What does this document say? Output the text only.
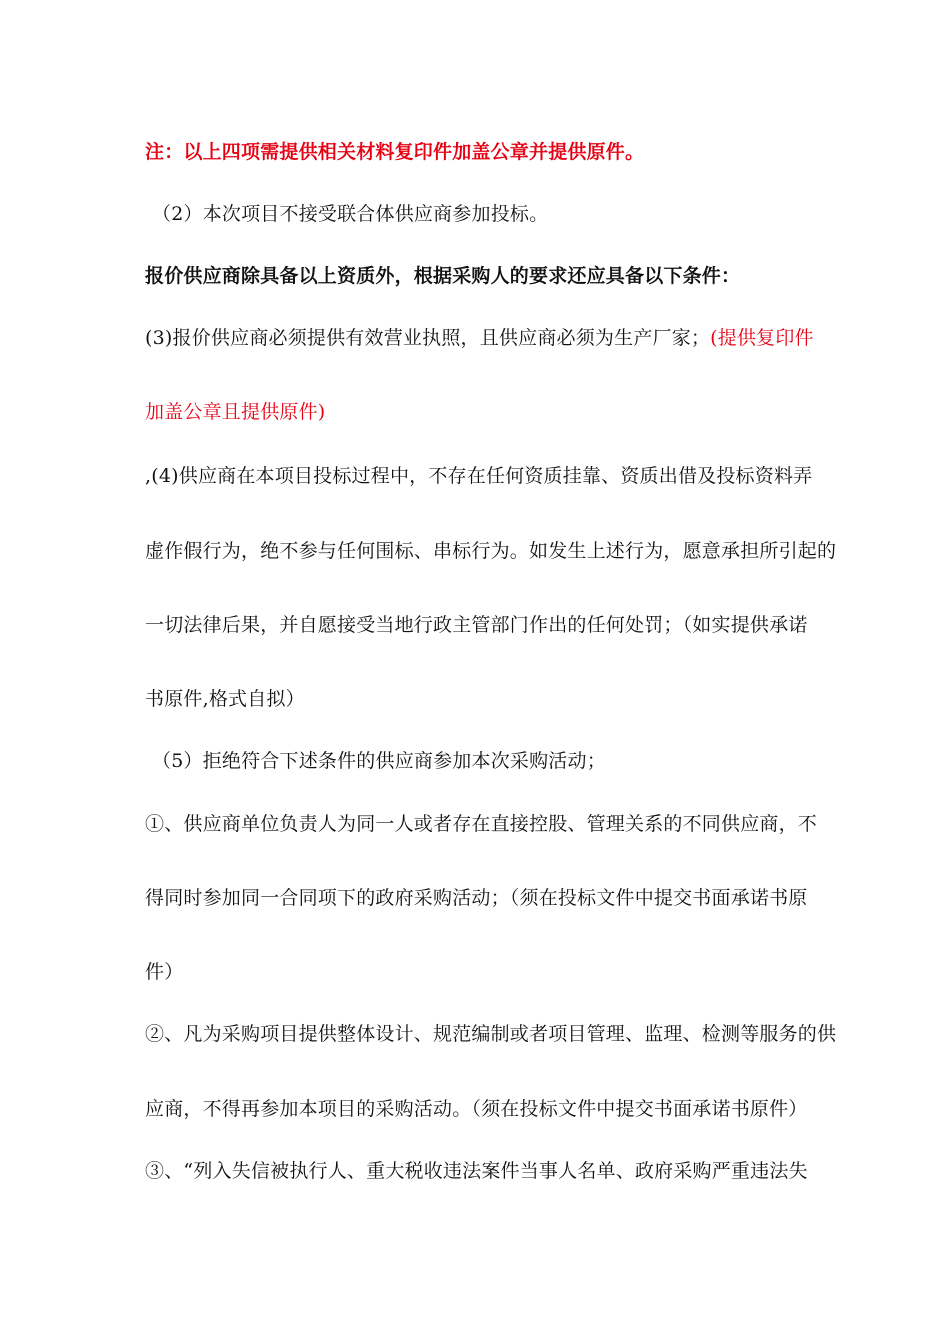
注：以上四项需提供相关材料复印件加盖公章并提供原件。
（2）本次项目不接受联合体供应商参加投标。
报价供应商除具备以上资质外，根据采购人的要求还应具备以下条件：
(3)报价供应商必须提供有效营业执照，且供应商必须为生产厂家；(提供复印件
加盖公章且提供原件)
,(4)供应商在本项目投标过程中，不存在任何资质挂靠、资质出借及投标资料弄
虚作假行为，绝不参与任何围标、串标行为。如发生上述行为，愿意承担所引起的
一切法律后果，并自愿接受当地行政主管部门作出的任何处罚；（如实提供承诺
书原件,格式自拟）
（5）拒绝符合下述条件的供应商参加本次采购活动；
①、供应商单位负责人为同一人或者存在直接控股、管理关系的不同供应商，不
得同时参加同一合同项下的政府采购活动；（须在投标文件中提交书面承诺书原
件）
②、凡为采购项目提供整体设计、规范编制或者项目管理、监理、检测等服务的供
应商，不得再参加本项目的采购活动。（须在投标文件中提交书面承诺书原件）
③、“列入失信被执行人、重大税收违法案件当事人名单、政府采购严重违法失
